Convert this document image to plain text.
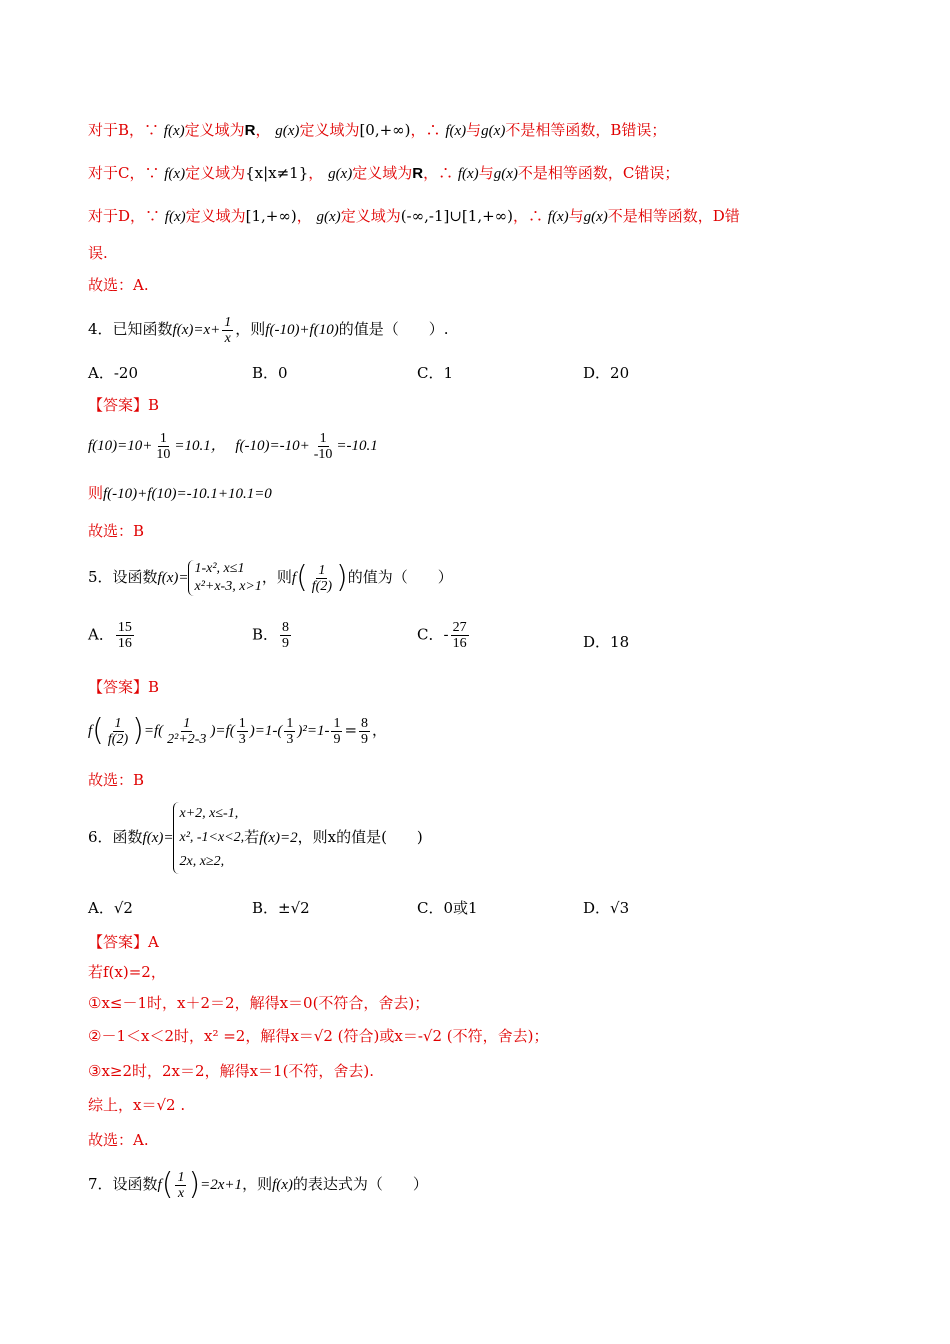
对于B，∵ f(x)定义域为R， g(x)定义域为[0,+∞)，∴ f(x)与g(x)不是相等函数，B错误；
对于C，∵ f(x)定义域为{x|x≠1}， g(x)定义域为R，∴ f(x)与g(x)不是相等函数，C错误；
对于D，∵ f(x)定义域为[1,+∞)， g(x)定义域为(-∞,-1]∪[1,+∞)，∴ f(x)与g(x)不是相等函数，D错
误.
故选：A.
4．已知函数$f(x)=x+ \frac{1}{x}$ ，则f(-10)+f(10)的值是（　　）.
A．-20	B．0	C．1	D．20
【答案】B
$f(10)=10+ \frac{1}{10} =10.1$， $f(-10)=-10+ \frac{1}{-10} =-10.1$
则f(-10)+f(10)=-10.1+10.1=0
故选：B
5．设函数f(x)=
1-x², x≤1
x²+x-3, x>1
，则$f( \frac{1}{f(2)}$ )的值为（　　）
A． $\frac{15}{16}$	B． $\frac{8}{9}$	C．- $\frac{27}{16}$	D．18
【答案】B
$f( \frac{1}{f(2)} )=f( \frac{1}{\text{2²+2-3}} )=f( \frac{1}{3} )=1-( \frac{1}{3} )^2=1- \frac{1}{9} = \frac{8}{9}$ ，
故选：B
6．函数f(x)=
x+2, x≤-1,
x², -1<x<2,
2x, x≥2,
若f(x)=2，则x的值是(　　)
A．√2	B．±√2	C．0或1	D．√3
【答案】A
若f(x)=2，
①x≤－1时，x＋2＝2，解得x＝0(不符合，舍去)；
②－1＜x＜2时，x² =2，解得x＝√2 (符合)或x＝-√2 (不符，舍去)；
③x≥2时，2x＝2，解得x＝1(不符，舍去).
综上，x＝√2 .
故选：A.
7．设函数$f( \frac{1}{x} )=2x+1$，则f(x)的表达式为（　　）
